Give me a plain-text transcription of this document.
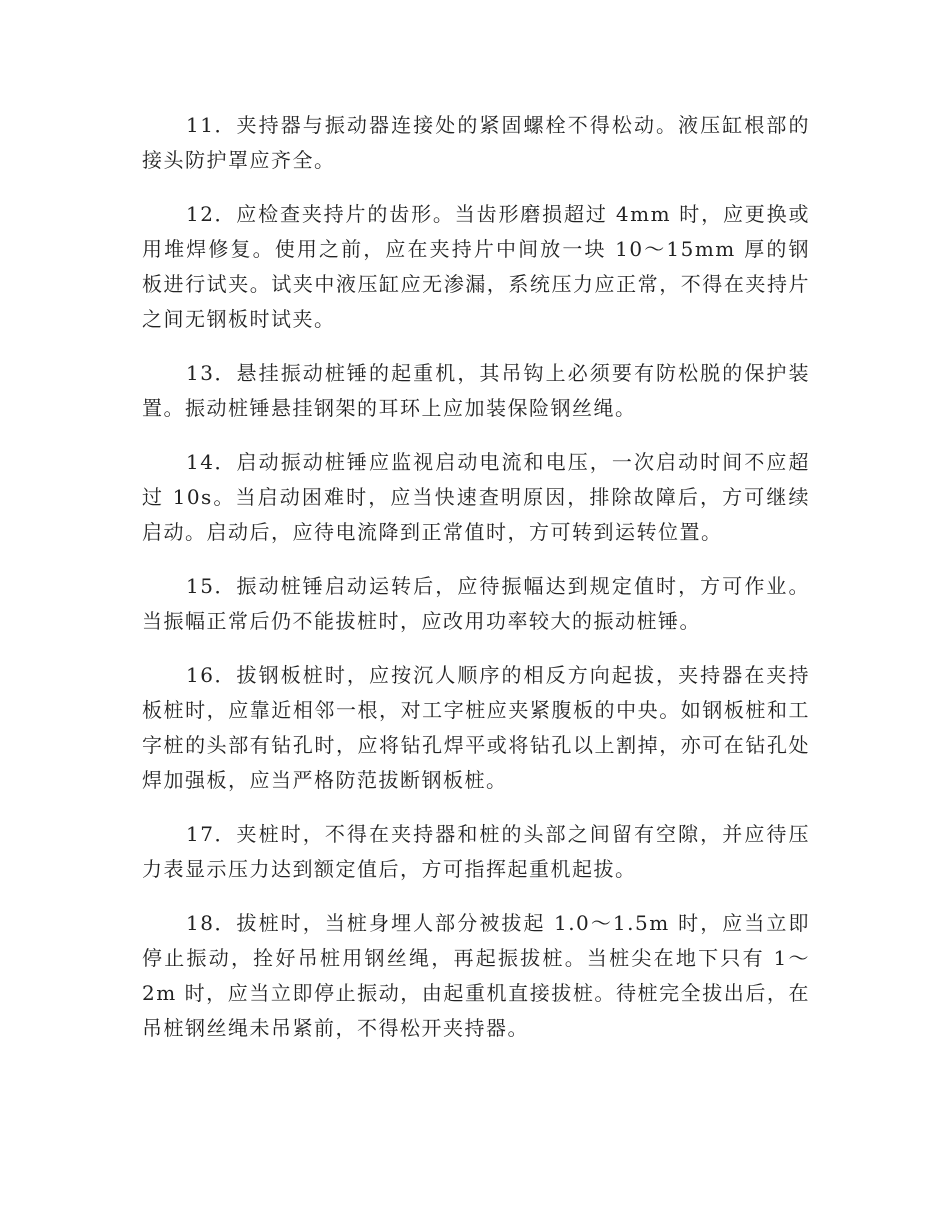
11．夹持器与振动器连接处的紧固螺栓不得松动。液压缸根部的接头防护罩应齐全。

12．应检查夹持片的齿形。当齿形磨损超过 4mm 时，应更换或用堆焊修复。使用之前，应在夹持片中间放一块 10～15mm 厚的钢板进行试夹。试夹中液压缸应无渗漏，系统压力应正常，不得在夹持片之间无钢板时试夹。

13．悬挂振动桩锤的起重机，其吊钩上必须要有防松脱的保护装置。振动桩锤悬挂钢架的耳环上应加装保险钢丝绳。

14．启动振动桩锤应监视启动电流和电压，一次启动时间不应超过 10s。当启动困难时，应当快速查明原因，排除故障后，方可继续启动。启动后，应待电流降到正常值时，方可转到运转位置。

15．振动桩锤启动运转后，应待振幅达到规定值时，方可作业。当振幅正常后仍不能拔桩时，应改用功率较大的振动桩锤。

16．拔钢板桩时，应按沉人顺序的相反方向起拔，夹持器在夹持板桩时，应靠近相邻一根，对工字桩应夹紧腹板的中央。如钢板桩和工字桩的头部有钻孔时，应将钻孔焊平或将钻孔以上割掉，亦可在钻孔处焊加强板，应当严格防范拔断钢板桩。

17．夹桩时，不得在夹持器和桩的头部之间留有空隙，并应待压力表显示压力达到额定值后，方可指挥起重机起拔。

18．拔桩时，当桩身埋人部分被拔起 1.0～1.5m 时，应当立即停止振动，拴好吊桩用钢丝绳，再起振拔桩。当桩尖在地下只有 1～2m 时，应当立即停止振动，由起重机直接拔桩。待桩完全拔出后，在吊桩钢丝绳未吊紧前，不得松开夹持器。
